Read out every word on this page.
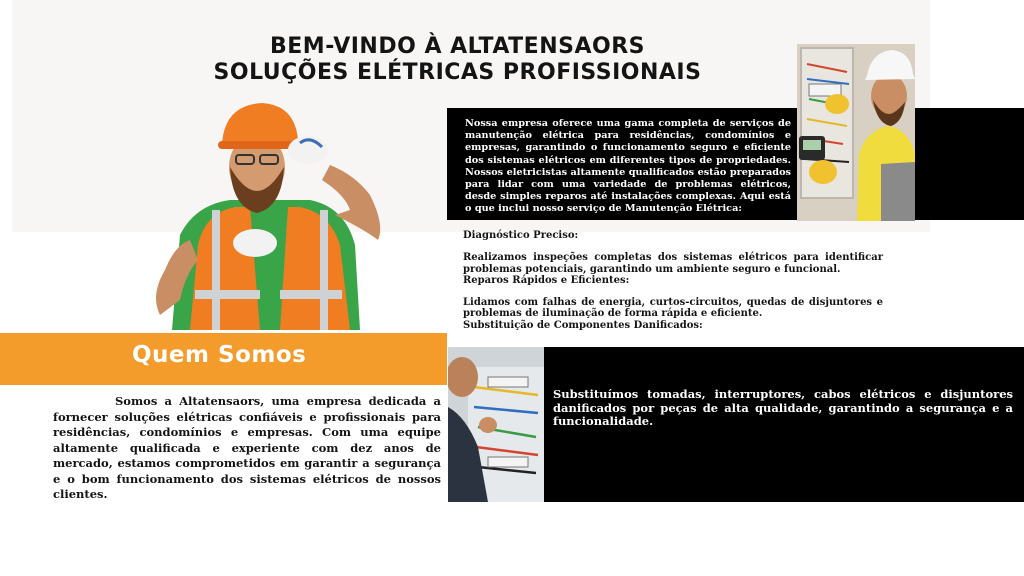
BEM-VINDO À ALTATENSAORS
SOLUÇÕES ELÉTRICAS PROFISSIONAIS
Quem Somos
Somos a Altatensaors, uma empresa dedicada a fornecer soluções elétricas confiáveis e profissionais para residências, condomínios e empresas. Com uma equipe altamente qualificada e experiente com dez anos de mercado, estamos comprometidos em garantir a segurança e o bom funcionamento dos sistemas elétricos de nossos clientes.
Nossa empresa oferece uma gama completa de serviços de manutenção elétrica para residências, condomínios e empresas, garantindo o funcionamento seguro e eficiente dos sistemas elétricos em diferentes tipos de propriedades. Nossos eletricistas altamente qualificados estão preparados para lidar com uma variedade de problemas elétricos, desde simples reparos até instalações complexas. Aqui está o que inclui nosso serviço de Manutenção Elétrica:

Diagnóstico Preciso:

Realizamos inspeções completas dos sistemas elétricos para identificar problemas potenciais, garantindo um ambiente seguro e funcional.

Reparos Rápidos e Eficientes:

Lidamos com falhas de energia, curtos-circuitos, quedas de disjuntores e problemas de iluminação de forma rápida e eficiente.

Substituição de Componentes Danificados:

Substituímos tomadas, interruptores, cabos elétricos e disjuntores danificados por peças de alta qualidade, garantindo a segurança e a funcionalidade.
